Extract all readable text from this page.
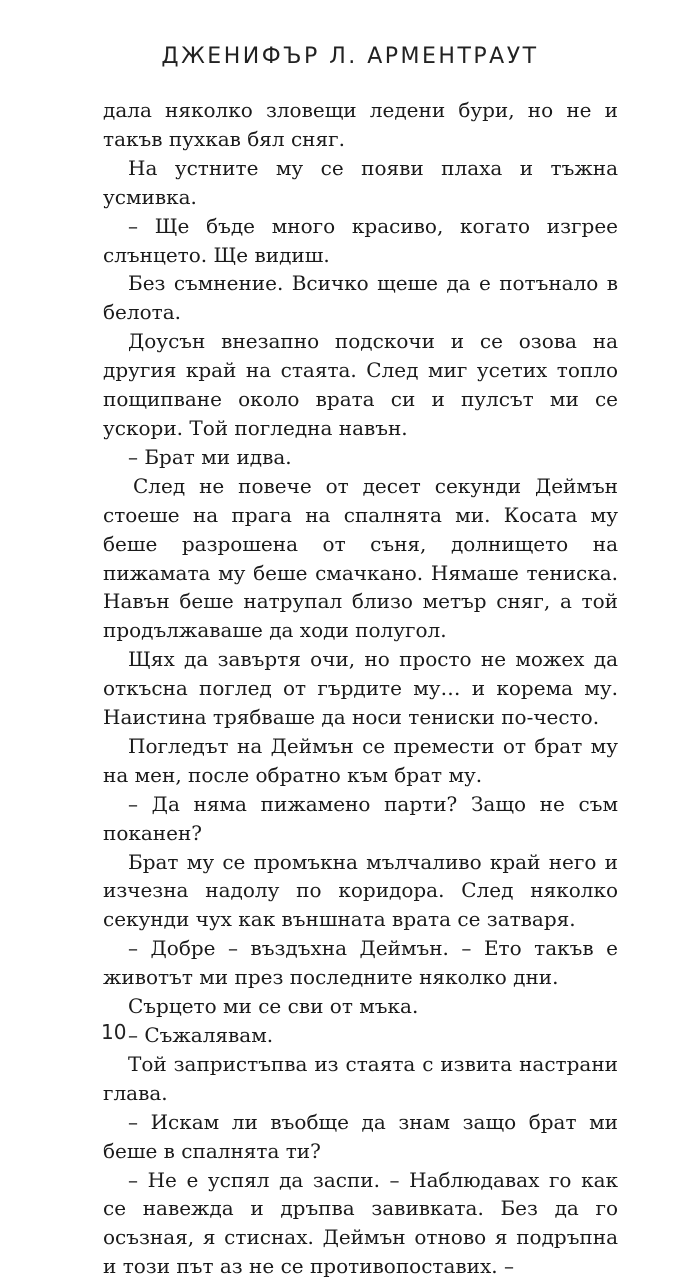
ДЖЕНИФЪР Л. АРМЕНТРАУТ

дала няколко зловещи ледени бури, но не и такъв пухкав бял сняг.

На устните му се появи плаха и тъжна усмивка.

– Ще бъде много красиво, когато изгрее слънцето. Ще видиш.

Без съмнение. Всичко щеше да е потънало в белота.

Доусън внезапно подскочи и се озова на другия край на стаята. След миг усетих топло пощипване около врата си и пулсът ми се ускори. Той погледна навън.

– Брат ми идва.

След не повече от десет секунди Деймън стоеше на прага на спалнята ми. Косата му беше разрошена от съня, долнището на пижамата му беше смачкано. Нямаше тениска. Навън беше натрупал близо метър сняг, а той продължаваше да ходи полугол.

Щях да завъртя очи, но просто не можех да откъсна поглед от гърдите му… и корема му. Наистина трябваше да носи тениски по-често.

Погледът на Деймън се премести от брат му на мен, после обратно към брат му.

– Да няма пижамено парти? Защо не съм поканен?

Брат му се промъкна мълчаливо край него и изчезна надолу по коридора. След няколко секунди чух как външната врата се затваря.

– Добре – въздъхна Деймън. – Ето такъв е животът ми през последните няколко дни.

Сърцето ми се сви от мъка.

– Съжалявам.

Той запристъпва из стаята с извита настрани глава.

– Искам ли въобще да знам защо брат ми беше в спалнята ти?

– Не е успял да заспи. – Наблюдавах го как се навежда и дръпва завивката. Без да го осъзная, я стиснах. Деймън отново я подръпна и този път аз не се противопоставих. –

10
